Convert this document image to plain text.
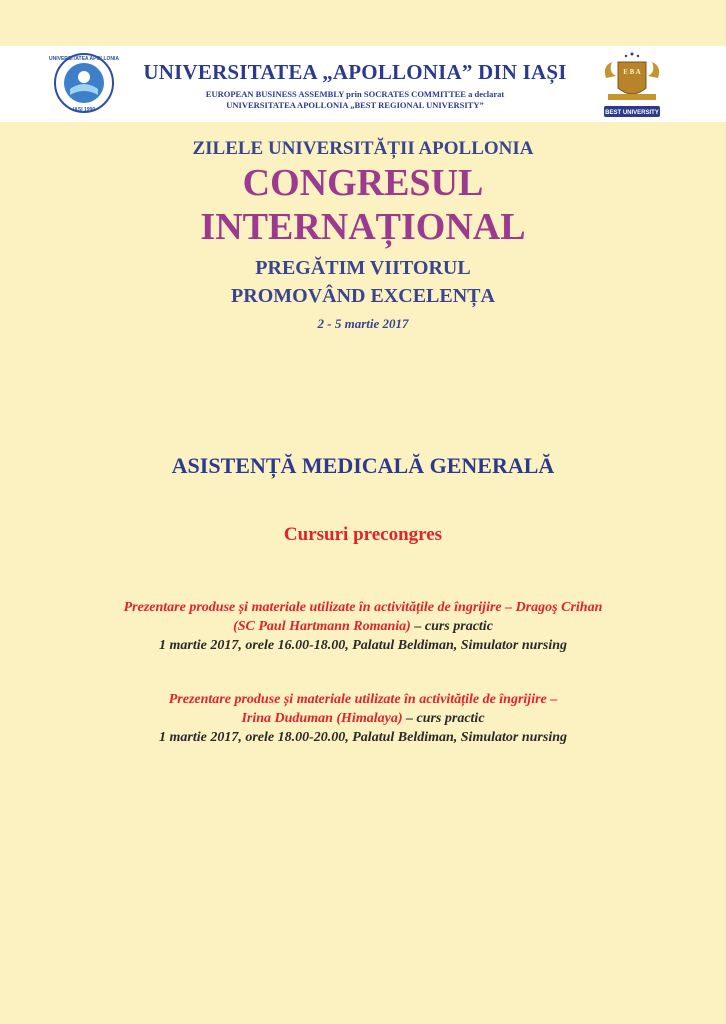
UNIVERSITATEA APOLLONIA
IASI 1990
UNIVERSITATEA „APOLLONIA” DIN IAȘI
EUROPEAN BUSINESS ASSEMBLY prin SOCRATES COMMITTEE a declarat
UNIVERSITATEA APOLLONIA „BEST REGIONAL UNIVERSITY”
E B A
BEST UNIVERSITY
ZILELE UNIVERSITĂȚII APOLLONIA
CONGRESUL
INTERNAȚIONAL
PREGĂTIM VIITORUL
PROMOVÂND EXCELENȚA
2 - 5 martie 2017
ASISTENȚĂ MEDICALĂ GENERALĂ
Cursuri precongres
Prezentare produse și materiale utilizate în activitățile de îngrijire – Dragoş Crihan
(SC Paul Hartmann Romania) – curs practic
1 martie 2017, orele 16.00-18.00, Palatul Beldiman, Simulator nursing
Prezentare produse și materiale utilizate în activitățile de îngrijire –
Irina Duduman (Himalaya) – curs practic
1 martie 2017, orele 18.00-20.00, Palatul Beldiman, Simulator nursing
